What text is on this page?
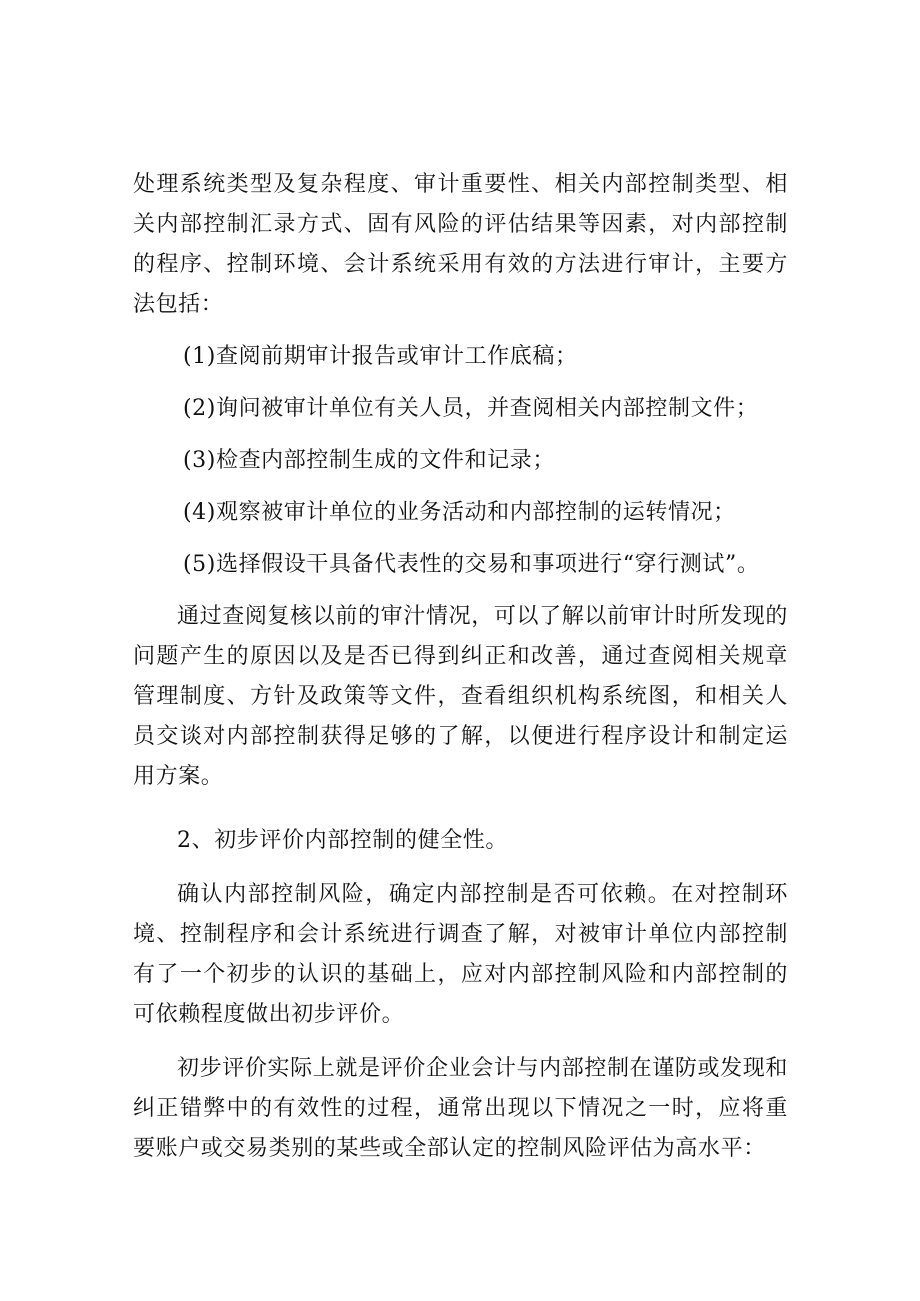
处理系统类型及复杂程度、审计重要性、相关内部控制类型、相关内部控制汇录方式、固有风险的评估结果等因素，对内部控制的程序、控制环境、会计系统采用有效的方法进行审计，主要方法包括：

(1)查阅前期审计报告或审计工作底稿；

(2)询问被审计单位有关人员，并查阅相关内部控制文件；

(3)检查内部控制生成的文件和记录；

(4)观察被审计单位的业务活动和内部控制的运转情况；

(5)选择假设干具备代表性的交易和事项进行“穿行测试”。

通过查阅复核以前的审汁情况，可以了解以前审计时所发现的问题产生的原因以及是否已得到纠正和改善，通过查阅相关规章管理制度、方针及政策等文件，查看组织机构系统图，和相关人员交谈对内部控制获得足够的了解，以便进行程序设计和制定运用方案。

2、初步评价内部控制的健全性。

确认内部控制风险，确定内部控制是否可依赖。在对控制环境、控制程序和会计系统进行调查了解，对被审计单位内部控制有了一个初步的认识的基础上，应对内部控制风险和内部控制的可依赖程度做出初步评价。

初步评价实际上就是评价企业会计与内部控制在谨防或发现和纠正错弊中的有效性的过程，通常出现以下情况之一时，应将重要账户或交易类别的某些或全部认定的控制风险评估为高水平：
